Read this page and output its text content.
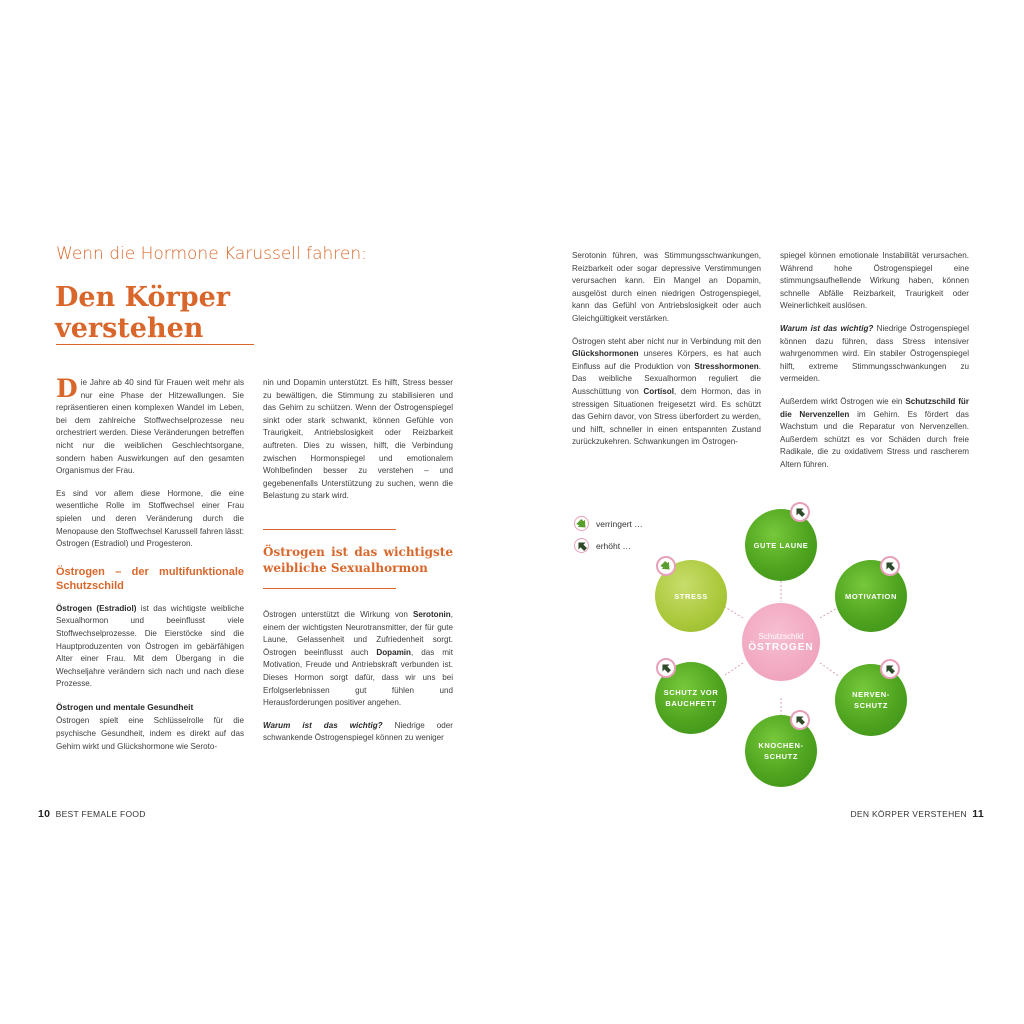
Wenn die Hormone Karussell fahren:
Den Körper verstehen

Die Jahre ab 40 sind für Frauen weit mehr als nur eine Phase der Hitzewallungen. Sie repräsentieren einen komplexen Wandel im Leben, bei dem zahlreiche Stoffwechselprozesse neu orchestriert werden. Diese Veränderungen betreffen nicht nur die weiblichen Geschlechtsorgane, sondern haben Auswirkungen auf den gesamten Organismus der Frau.

Es sind vor allem diese Hormone, die eine wesentliche Rolle im Stoffwechsel einer Frau spielen und deren Veränderung durch die Menopause den Stoffwechsel Karussell fahren lässt: Östrogen (Estradiol) und Progesteron.

Östrogen – der multifunktionale Schutzschild

Östrogen (Estradiol) ist das wichtigste weibliche Sexualhormon und beeinflusst viele Stoffwechselprozesse. Die Eierstöcke sind die Hauptproduzenten von Östrogen im gebärfähigen Alter einer Frau. Mit dem Übergang in die Wechseljahre verändern sich nach und nach diese Prozesse.

Östrogen und mentale Gesundheit

Östrogen spielt eine Schlüsselrolle für die psychische Gesundheit, indem es direkt auf das Gehirn wirkt und Glückshormone wie Seroto-

nin und Dopamin unterstützt. Es hilft, Stress besser zu bewältigen, die Stimmung zu stabilisieren und das Gehirn zu schützen. Wenn der Östrogenspiegel sinkt oder stark schwankt, können Gefühle von Traurigkeit, Antriebslosigkeit oder Reizbarkeit auftreten. Dies zu wissen, hilft, die Verbindung zwischen Hormonspiegel und emotionalem Wohlbefinden besser zu verstehen – und gegebenenfalls Unterstützung zu suchen, wenn die Belastung zu stark wird.

Östrogen ist das wichtigste weibliche Sexualhormon

Östrogen unterstützt die Wirkung von Serotonin, einem der wichtigsten Neurotransmitter, der für gute Laune, Gelassenheit und Zufriedenheit sorgt. Östrogen beeinflusst auch Dopamin, das mit Motivation, Freude und Antriebskraft verbunden ist. Dieses Hormon sorgt dafür, dass wir uns bei Erfolgserlebnissen gut fühlen und Herausforderungen positiver angehen.

Warum ist das wichtig? Niedrige oder schwankende Östrogenspiegel können zu weniger

10 BEST FEMALE FOOD

Serotonin führen, was Stimmungsschwankungen, Reizbarkeit oder sogar depressive Verstimmungen verursachen kann. Ein Mangel an Dopamin, ausgelöst durch einen niedrigen Östrogenspiegel, kann das Gefühl von Antriebslosigkeit oder auch Gleichgültigkeit verstärken.

Östrogen steht aber nicht nur in Verbindung mit den Glückshormonen unseres Körpers, es hat auch Einfluss auf die Produktion von Stresshormonen. Das weibliche Sexualhormon reguliert die Ausschüttung von Cortisol, dem Hormon, das in stressigen Situationen freigesetzt wird. Es schützt das Gehirn davor, von Stress überfordert zu werden, und hilft, schneller in einen entspannten Zustand zurückzukehren. Schwankungen im Östrogen-

spiegel können emotionale Instabilität verursachen. Während hohe Östrogenspiegel eine stimmungsaufhellende Wirkung haben, können schnelle Abfälle Reizbarkeit, Traurigkeit oder Weinerlichkeit auslösen.

Warum ist das wichtig? Niedrige Östrogenspiegel können dazu führen, dass Stress intensiver wahrgenommen wird. Ein stabiler Östrogenspiegel hilft, extreme Stimmungsschwankungen zu vermeiden.

Außerdem wirkt Östrogen wie ein Schutzschild für die Nervenzellen im Gehirn. Es fördert das Wachstum und die Reparatur von Nervenzellen. Außerdem schützt es vor Schäden durch freie Radikale, die zu oxidativem Stress und rascherem Altern führen.

verringert …
erhöht …
Schutzschild
ÖSTROGEN
GUTE LAUNE
MOTIVATION
NERVEN-
SCHUTZ
KNOCHEN-
SCHUTZ
SCHUTZ VOR
BAUCHFETT
STRESS
DEN KÖRPER VERSTEHEN 11
